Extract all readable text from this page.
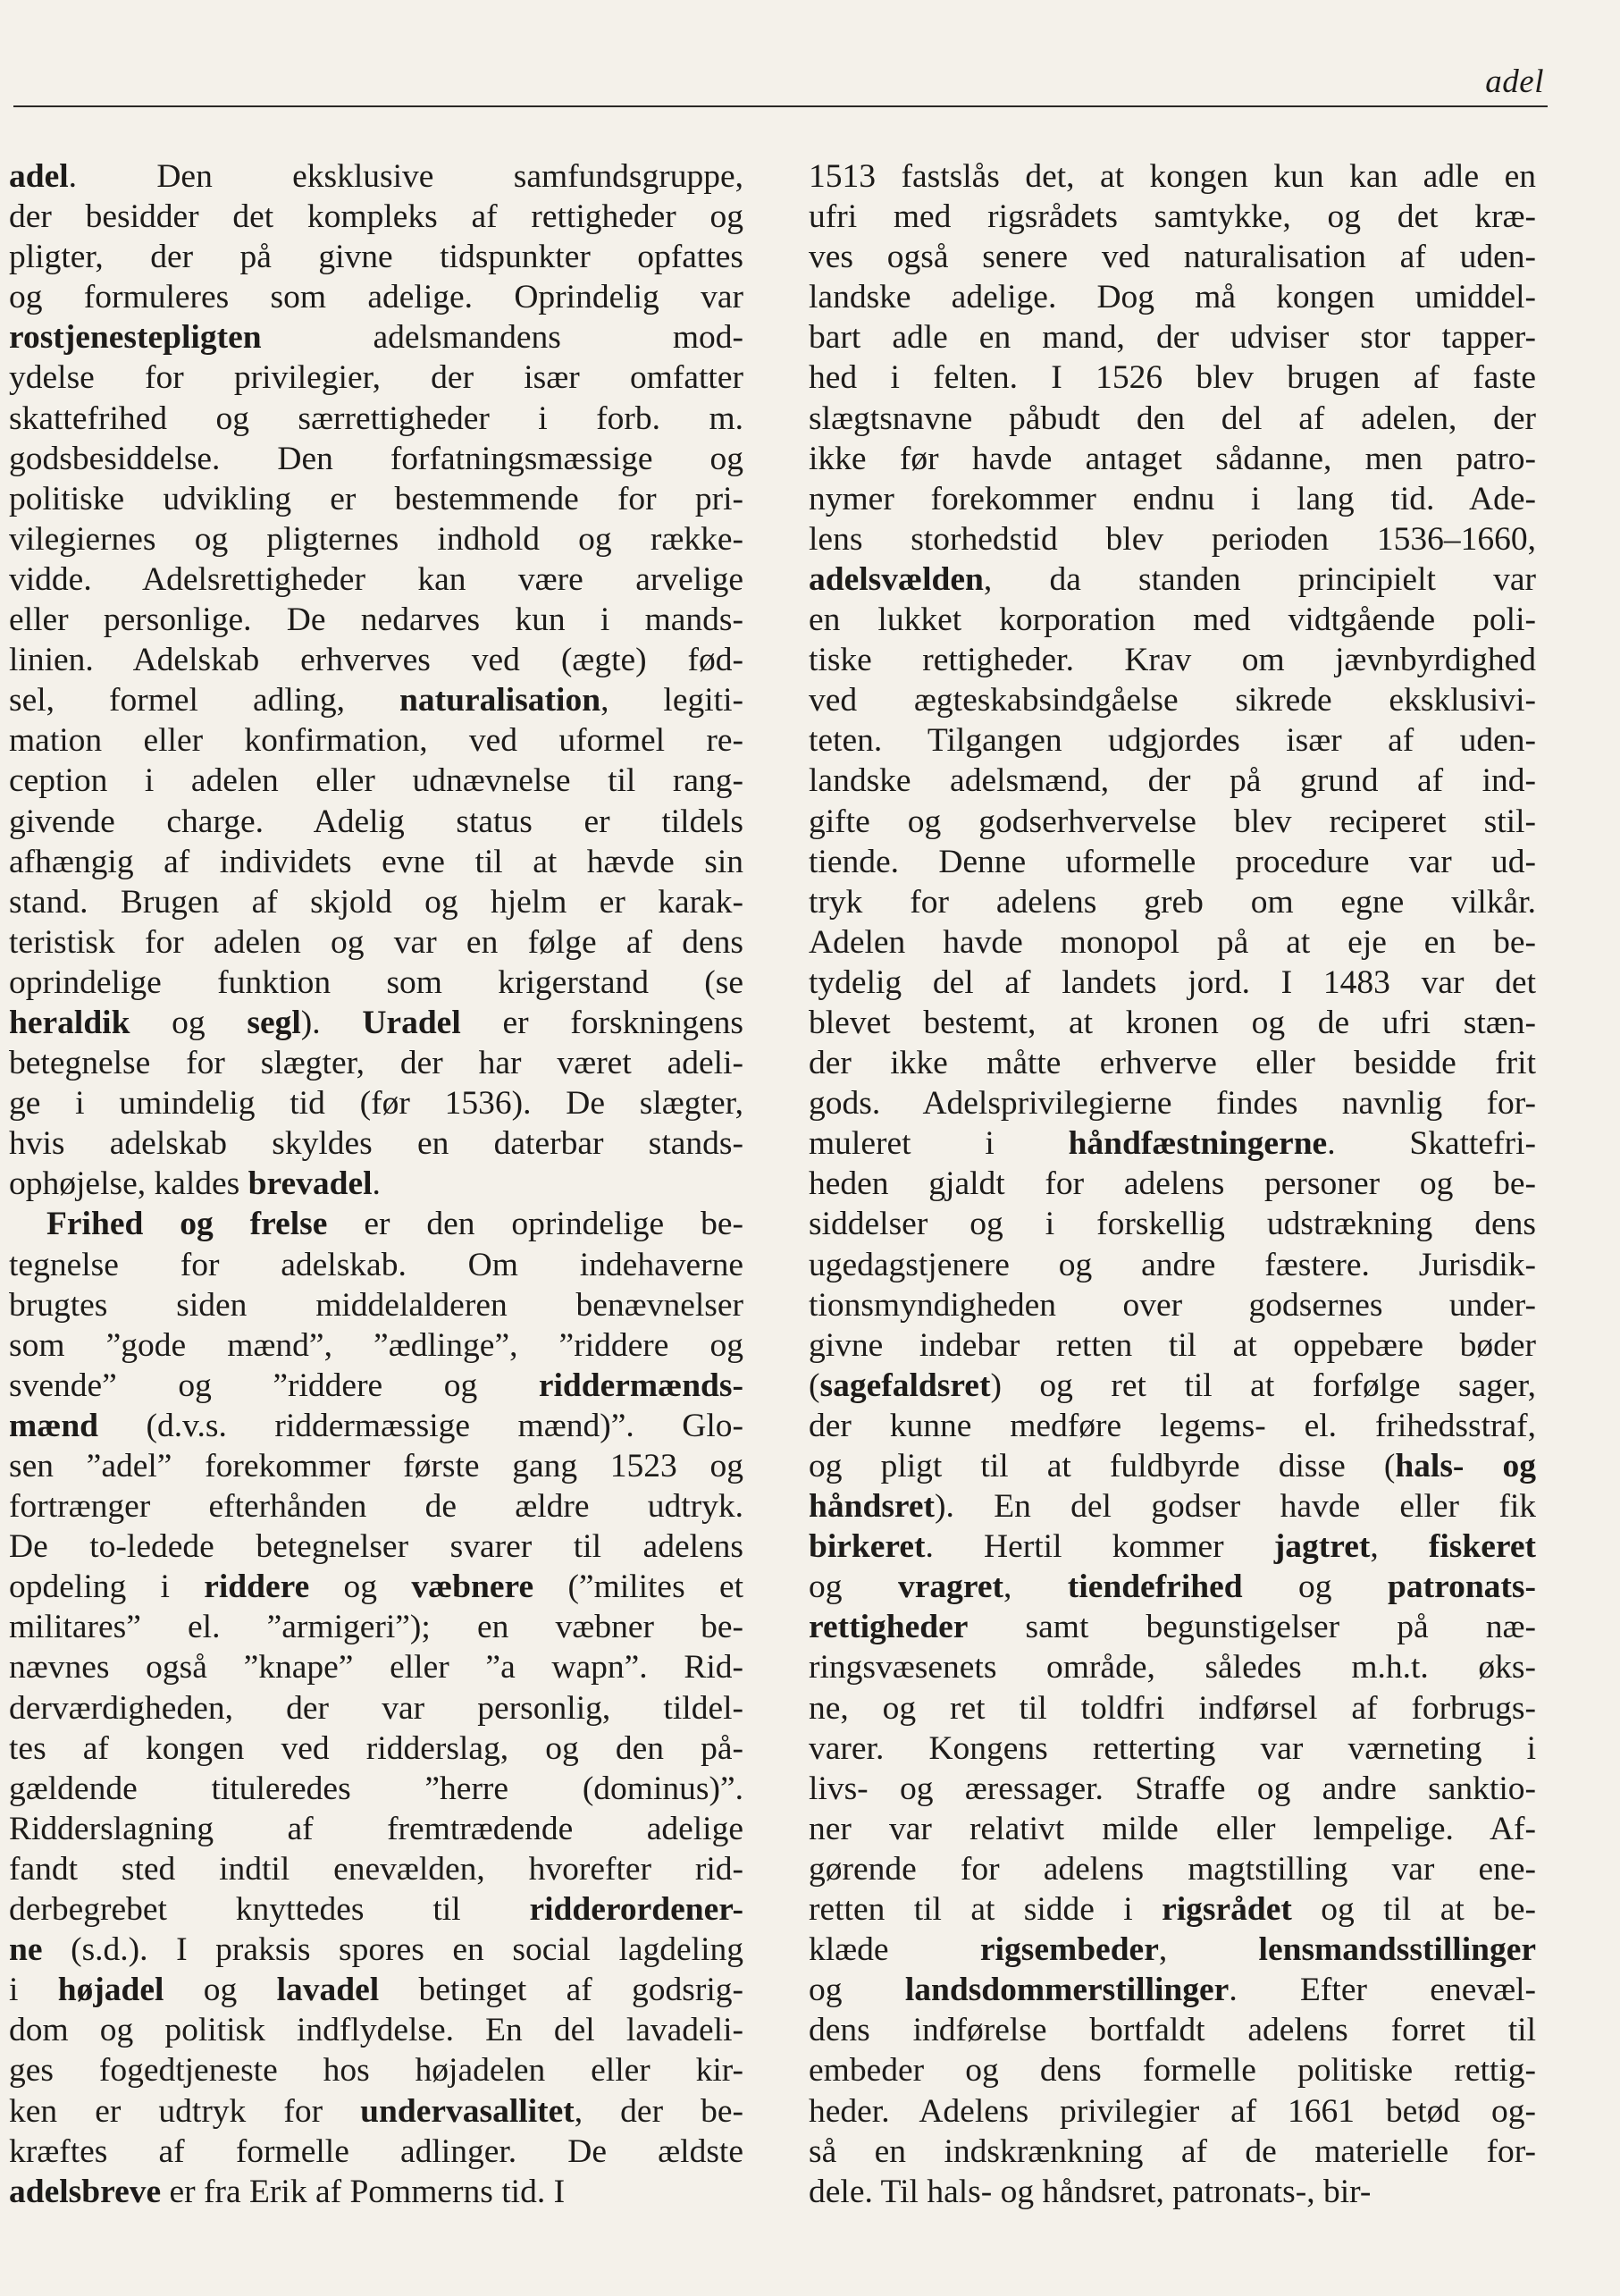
adel
adel. Den eksklusive samfundsgruppe,
der besidder det kompleks af rettigheder og
pligter, der på givne tidspunkter opfattes
og formuleres som adelige. Oprindelig var
rostjenestepligten adelsmandens mod-
ydelse for privilegier, der især omfatter
skattefrihed og særrettigheder i forb. m.
godsbesiddelse. Den forfatningsmæssige og
politiske udvikling er bestemmende for pri-
vilegiernes og pligternes indhold og række-
vidde. Adelsrettigheder kan være arvelige
eller personlige. De nedarves kun i mands-
linien. Adelskab erhverves ved (ægte) fød-
sel, formel adling, naturalisation, legiti-
mation eller konfirmation, ved uformel re-
ception i adelen eller udnævnelse til rang-
givende charge. Adelig status er tildels
afhængig af individets evne til at hævde sin
stand. Brugen af skjold og hjelm er karak-
teristisk for adelen og var en følge af dens
oprindelige funktion som krigerstand (se
heraldik og segl). Uradel er forskningens
betegnelse for slægter, der har været adeli-
ge i umindelig tid (før 1536). De slægter,
hvis adelskab skyldes en daterbar stands-
ophøjelse, kaldes brevadel.
Frihed og frelse er den oprindelige be-
tegnelse for adelskab. Om indehaverne
brugtes siden middelalderen benævnelser
som ”gode mænd”, ”ædlinge”, ”riddere og
svende” og ”riddere og riddermænds-
mænd (d.v.s. riddermæssige mænd)”. Glo-
sen ”adel” forekommer første gang 1523 og
fortrænger efterhånden de ældre udtryk.
De to-ledede betegnelser svarer til adelens
opdeling i riddere og væbnere (”milites et
militares” el. ”armigeri”); en væbner be-
nævnes også ”knape” eller ”a wapn”. Rid-
derværdigheden, der var personlig, tildel-
tes af kongen ved ridderslag, og den på-
gældende tituleredes ”herre (dominus)”.
Ridderslagning af fremtrædende adelige
fandt sted indtil enevælden, hvorefter rid-
derbegrebet knyttedes til ridderordener-
ne (s.d.). I praksis spores en social lagdeling
i højadel og lavadel betinget af godsrig-
dom og politisk indflydelse. En del lavadeli-
ges fogedtjeneste hos højadelen eller kir-
ken er udtryk for undervasallitet, der be-
kræftes af formelle adlinger. De ældste
adelsbreve er fra Erik af Pommerns tid. I
1513 fastslås det, at kongen kun kan adle en
ufri med rigsrådets samtykke, og det kræ-
ves også senere ved naturalisation af uden-
landske adelige. Dog må kongen umiddel-
bart adle en mand, der udviser stor tapper-
hed i felten. I 1526 blev brugen af faste
slægtsnavne påbudt den del af adelen, der
ikke før havde antaget sådanne, men patro-
nymer forekommer endnu i lang tid. Ade-
lens storhedstid blev perioden 1536–1660,
adelsvælden, da standen principielt var
en lukket korporation med vidtgående poli-
tiske rettigheder. Krav om jævnbyrdighed
ved ægteskabsindgåelse sikrede eksklusivi-
teten. Tilgangen udgjordes især af uden-
landske adelsmænd, der på grund af ind-
gifte og godserhvervelse blev reciperet stil-
tiende. Denne uformelle procedure var ud-
tryk for adelens greb om egne vilkår.
Adelen havde monopol på at eje en be-
tydelig del af landets jord. I 1483 var det
blevet bestemt, at kronen og de ufri stæn-
der ikke måtte erhverve eller besidde frit
gods. Adelsprivilegierne findes navnlig for-
muleret i håndfæstningerne. Skattefri-
heden gjaldt for adelens personer og be-
siddelser og i forskellig udstrækning dens
ugedagstjenere og andre fæstere. Jurisdik-
tionsmyndigheden over godsernes under-
givne indebar retten til at oppebære bøder
(sagefaldsret) og ret til at forfølge sager,
der kunne medføre legems- el. frihedsstraf,
og pligt til at fuldbyrde disse (hals- og
håndsret). En del godser havde eller fik
birkeret. Hertil kommer jagtret, fiskeret
og vragret, tiendefrihed og patronats-
rettigheder samt begunstigelser på næ-
ringsvæsenets område, således m.h.t. øks-
ne, og ret til toldfri indførsel af forbrugs-
varer. Kongens retterting var værneting i
livs- og æressager. Straffe og andre sanktio-
ner var relativt milde eller lempelige. Af-
gørende for adelens magtstilling var ene-
retten til at sidde i rigsrådet og til at be-
klæde rigsembeder, lensmandsstillinger
og landsdommerstillinger. Efter enevæl-
dens indførelse bortfaldt adelens forret til
embeder og dens formelle politiske rettig-
heder. Adelens privilegier af 1661 betød og-
så en indskrænkning af de materielle for-
dele. Til hals- og håndsret, patronats-, bir-
